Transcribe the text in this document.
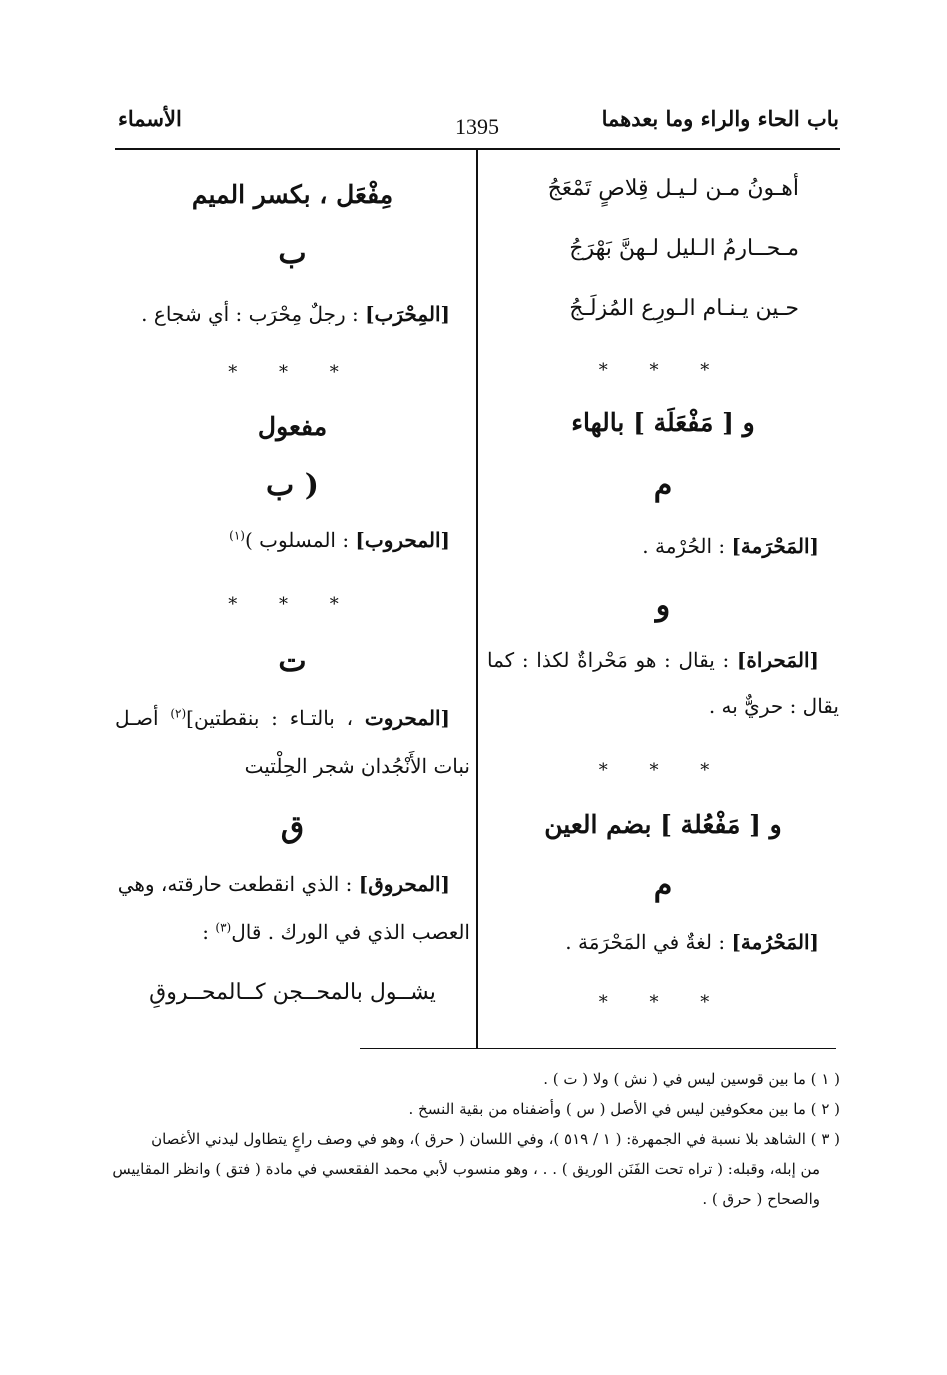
باب الحاء والراء وما بعدهما
1395
الأسماء
أهـونُ مـن لـيـل قِلاصٍ تَمْعَجُ
مـحــارمُ الـليل لـهنَّ بَهْرَجُ
حـين يـنـام الـورِع المُزلَـجُ
* * *
و [ مَفْعَلَة ] بالهاء
م
[المَحْرَمة] : الحُرْمة .
و
[المَحراة] : يقال : هو مَحْراةٌ لكذا : كما
يقال : حريٌّ به .
* * *
و [ مَفْعُلة ] بضم العين
م
[المَحْرُمة] : لغةٌ في المَحْرَمَة .
* * *
مِفْعَل ، بكسر الميم
ب
[المِحْرَب] : رجلٌ مِحْرَب : أي شجاع .
* * *
مفعول
( ب
[المحروب] : المسلوب )$^{(١)}$
* * *
ت
[المحروت ، بالتـاء : بنقطتين]$^{(٢)}$ أصـل
نبات الأَنْجُدان شجر الحِلْتيت
ق
[المحروق] : الذي انقطعت حارقته، وهي
العصب الذي في الورك . قال$^{(٣)}$ :
يشــول بالمحــجن كــالمحــروقِ
( ١ ) ما بين قوسين ليس في ( نش ) ولا ( ت ) .
( ٢ ) ما بين معكوفين ليس في الأصل ( س ) وأضفناه من بقية النسخ .
( ٣ ) الشاهد بلا نسبة في الجمهرة: ( ١ / ٥١٩ )، وفي اللسان ( حرق )، وهو في وصف راعٍ يتطاول ليدني الأغصان
من إبله، وقبله: ( تراه تحت الفَنَن الوريق ) . . ، وهو منسوب لأبي محمد الفقعسي في مادة ( فتق ) وانظر المقاييس
والصحاح ( حرق ) .
